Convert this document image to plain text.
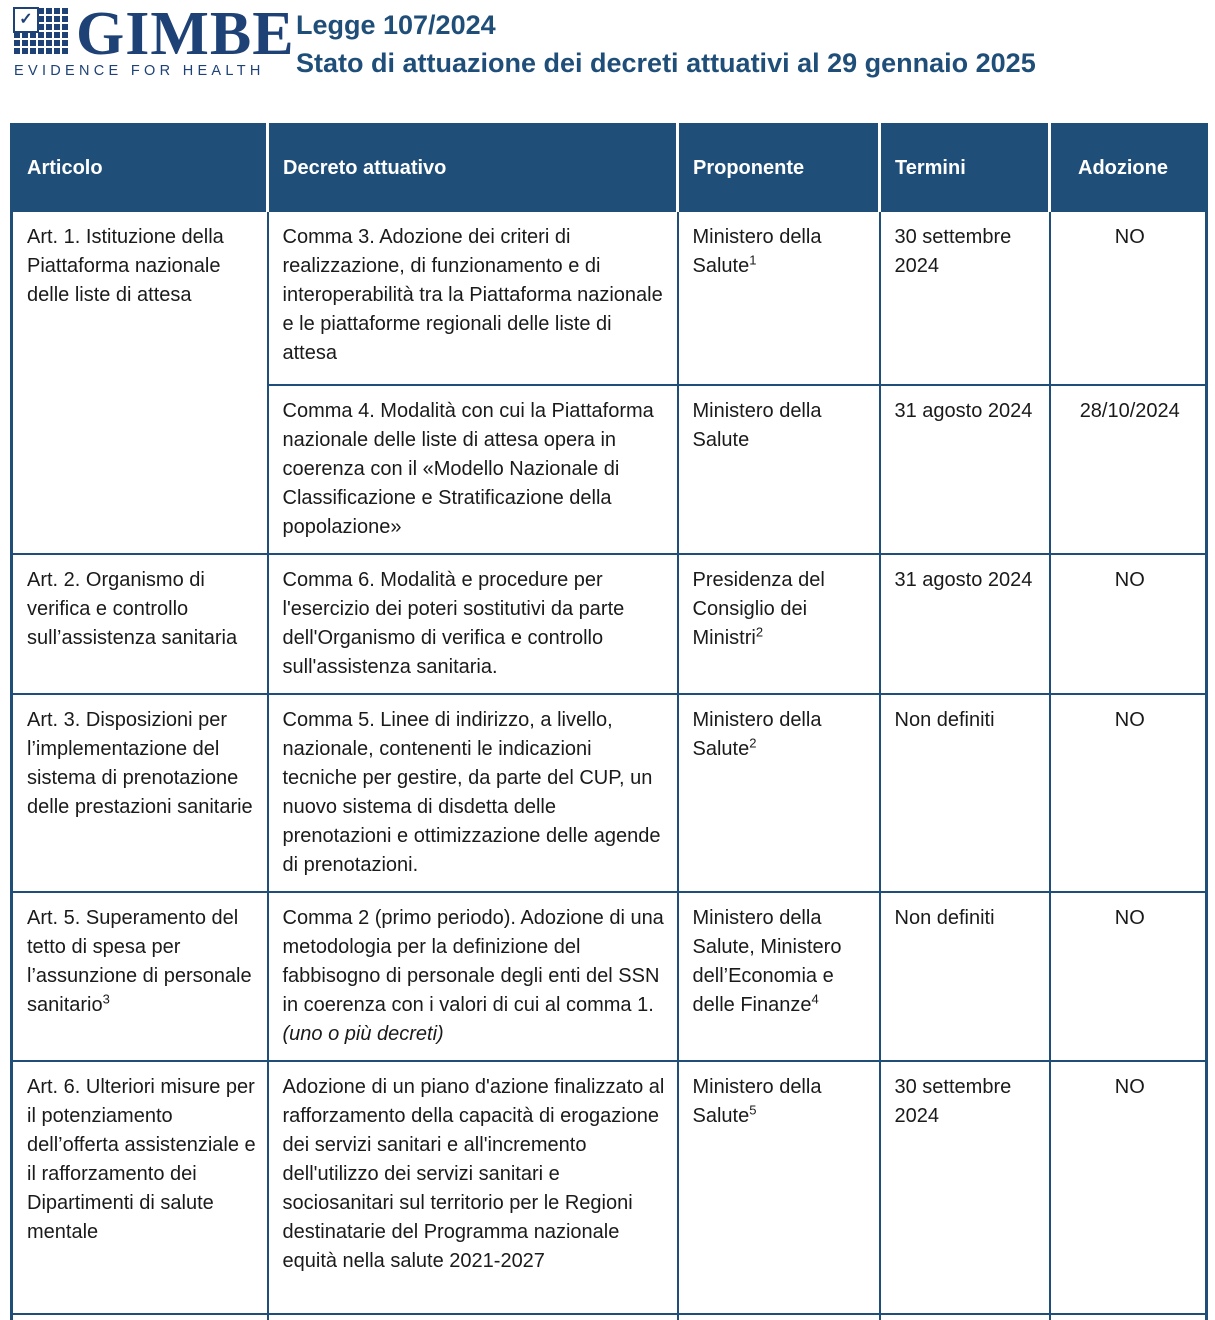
✓ GIMBE
EVIDENCE FOR HEALTH
Legge 107/2024
Stato di attuazione dei decreti attuativi al 29 gennaio 2025
Articolo	Decreto attuativo	Proponente	Termini	Adozione
Art. 1. Istituzione della Piattaforma nazionale delle liste di attesa	Comma 3. Adozione dei criteri di realizzazione, di funzionamento e di interoperabilità tra la Piattaforma nazionale e le piattaforme regionali delle liste di attesa	Ministero della Salute$^1$	30 settembre 2024	NO
	Comma 4. Modalità con cui la Piattaforma nazionale delle liste di attesa opera in coerenza con il «Modello Nazionale di Classificazione e Stratificazione della popolazione»	Ministero della Salute	31 agosto 2024	28/10/2024
Art. 2. Organismo di verifica e controllo sull’assistenza sanitaria	Comma 6. Modalità e procedure per l'esercizio dei poteri sostitutivi da parte dell'Organismo di verifica e controllo sull'assistenza sanitaria.	Presidenza del Consiglio dei Ministri$^2$	31 agosto 2024	NO
Art. 3. Disposizioni per l’implementazione del sistema di prenotazione delle prestazioni sanitarie	Comma 5. Linee di indirizzo, a livello, nazionale, contenenti le indicazioni tecniche per gestire, da parte del CUP, un nuovo sistema di disdetta delle prenotazioni e ottimizzazione delle agende di prenotazioni.	Ministero della Salute$^2$	Non definiti	NO
Art. 5. Superamento del tetto di spesa per l’assunzione di personale sanitario$^3$	Comma 2 (primo periodo). Adozione di una metodologia per la definizione del fabbisogno di personale degli enti del SSN in coerenza con i valori di cui al comma 1. (uno o più decreti)	Ministero della Salute, Ministero dell’Economia e delle Finanze$^4$	Non definiti	NO
Art. 6. Ulteriori misure per il potenziamento dell’offerta assistenziale e il rafforzamento dei Dipartimenti di salute mentale	Adozione di un piano d'azione finalizzato al rafforzamento della capacità di erogazione dei servizi sanitari e all'incremento dell'utilizzo dei servizi sanitari e sociosanitari sul territorio per le Regioni destinatarie del Programma nazionale equità nella salute 2021-2027	Ministero della Salute$^5$	30 settembre 2024	NO
